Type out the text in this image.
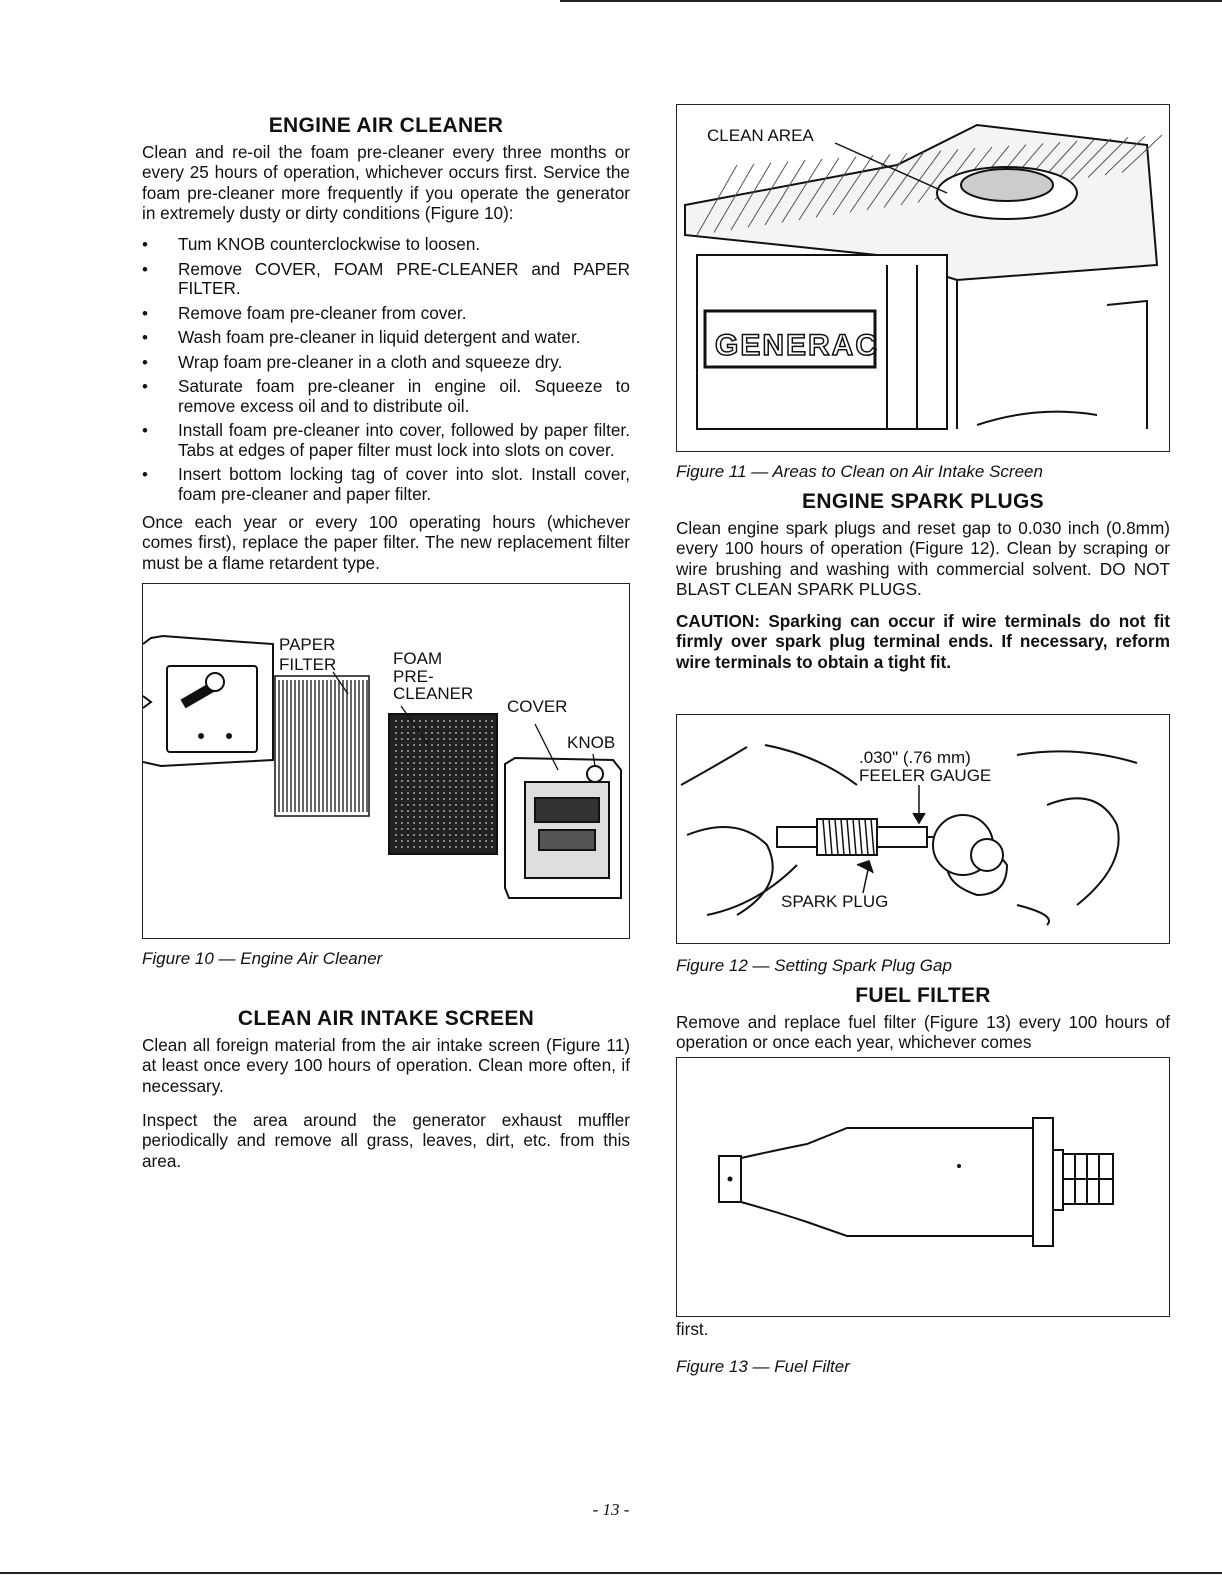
ENGINE AIR CLEANER

Clean and re-oil the foam pre-cleaner every three months or every 25 hours of operation, whichever occurs first. Service the foam pre-cleaner more frequently if you operate the generator in extremely dusty or dirty conditions (Figure 10):

• Tum KNOB counterclockwise to loosen.
• Remove COVER, FOAM PRE-CLEANER and PAPER FILTER.
• Remove foam pre-cleaner from cover.
• Wash foam pre-cleaner in liquid detergent and water.
• Wrap foam pre-cleaner in a cloth and squeeze dry.
• Saturate foam pre-cleaner in engine oil. Squeeze to remove excess oil and to distribute oil.
• Install foam pre-cleaner into cover, followed by paper filter. Tabs at edges of paper filter must lock into slots on cover.
• Insert bottom locking tag of cover into slot. Install cover, foam pre-cleaner and paper filter.

Once each year or every 100 operating hours (whichever comes first), replace the paper filter. The new replacement filter must be a flame retardent type.

PAPER
FILTER	FOAM
PRE-
CLEANER
COVER
KNOB
Figure 10 — Engine Air Cleaner
CLEAN AIR INTAKE SCREEN

Clean all foreign material from the air intake screen (Figure 11) at least once every 100 hours of operation. Clean more often, if necessary.

Inspect the area around the generator exhaust muffler periodically and remove all grass, leaves, dirt, etc. from this area.

GENERAC
CLEAN AREA
Figure 11 — Areas to Clean on Air Intake Screen
ENGINE SPARK PLUGS

Clean engine spark plugs and reset gap to 0.030 inch (0.8mm) every 100 hours of operation (Figure 12). Clean by scraping or wire brushing and washing with commercial solvent. DO NOT BLAST CLEAN SPARK PLUGS.

CAUTION: Sparking can occur if wire terminals do not fit firmly over spark plug terminal ends. If necessary, reform wire terminals to obtain a tight fit.

.030" (.76 mm)
FEELER GAUGE
SPARK PLUG
Figure 12 — Setting Spark Plug Gap
FUEL FILTER

Remove and replace fuel filter (Figure 13) every 100 hours of operation or once each year, whichever comes

first.

Figure 13 — Fuel Filter
- 13 -
